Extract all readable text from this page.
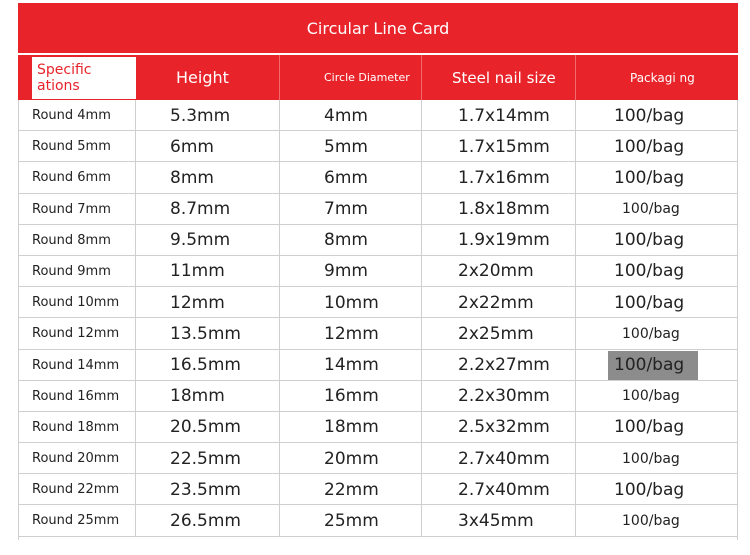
Circular Line Card
Specific ations	Height	Circle Diameter	Steel nail size	Packagi ng
Round 4mm	5.3mm	4mm	1.7x14mm	100/bag
Round 5mm	6mm	5mm	1.7x15mm	100/bag
Round 6mm	8mm	6mm	1.7x16mm	100/bag
Round 7mm	8.7mm	7mm	1.8x18mm	100/bag
Round 8mm	9.5mm	8mm	1.9x19mm	100/bag
Round 9mm	11mm	9mm	2x20mm	100/bag
Round 10mm	12mm	10mm	2x22mm	100/bag
Round 12mm	13.5mm	12mm	2x25mm	100/bag
Round 14mm	16.5mm	14mm	2.2x27mm	100/bag
Round 16mm	18mm	16mm	2.2x30mm	100/bag
Round 18mm	20.5mm	18mm	2.5x32mm	100/bag
Round 20mm	22.5mm	20mm	2.7x40mm	100/bag
Round 22mm	23.5mm	22mm	2.7x40mm	100/bag
Round 25mm	26.5mm	25mm	3x45mm	100/bag
